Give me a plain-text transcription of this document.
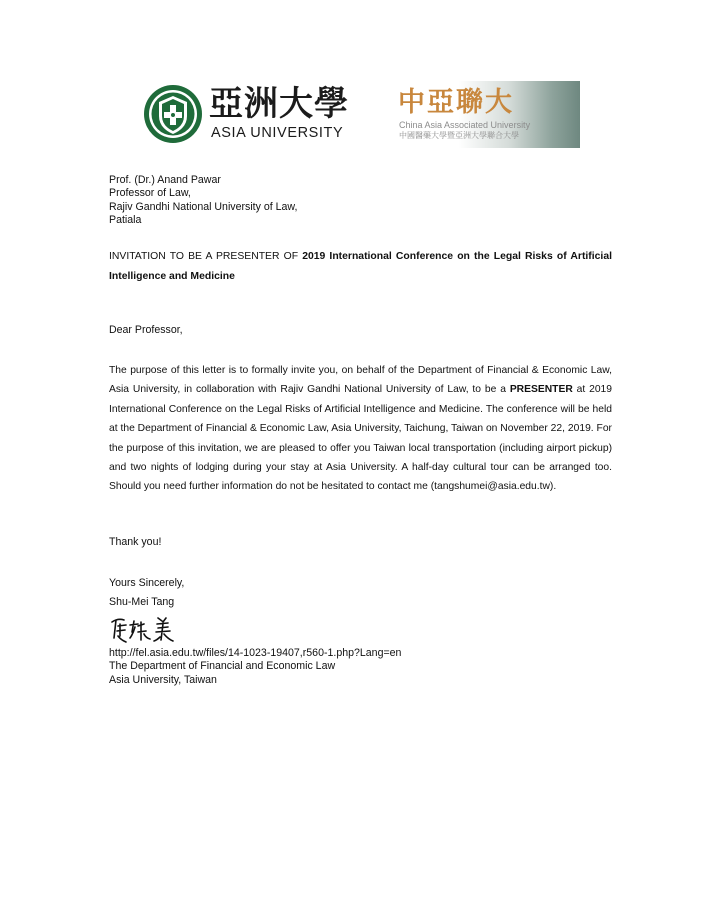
亞洲大學
ASIA UNIVERSITY
中亞聯大
China Asia Associated University
中國醫藥大學暨亞洲大學聯合大學
Prof. (Dr.) Anand Pawar
Professor of Law,
Rajiv Gandhi National University of Law,
Patiala
INVITATION TO BE A PRESENTER OF 2019 International Conference on the Legal Risks of Artificial Intelligence and Medicine
Dear Professor,
The purpose of this letter is to formally invite you, on behalf of the Department of Financial & Economic Law, Asia University, in collaboration with Rajiv Gandhi National University of Law, to be a PRESENTER at 2019 International Conference on the Legal Risks of Artificial Intelligence and Medicine. The conference will be held at the Department of Financial & Economic Law, Asia University, Taichung, Taiwan on November 22, 2019. For the purpose of this invitation, we are pleased to offer you Taiwan local transportation (including airport pickup) and two nights of lodging during your stay at Asia University. A half-day cultural tour can be arranged too. Should you need further information do not be hesitated to contact me (tangshumei@asia.edu.tw).
Thank you!
Yours Sincerely,
Shu-Mei Tang
http://fel.asia.edu.tw/files/14-1023-19407,r560-1.php?Lang=en
The Department of Financial and Economic Law
Asia University, Taiwan
